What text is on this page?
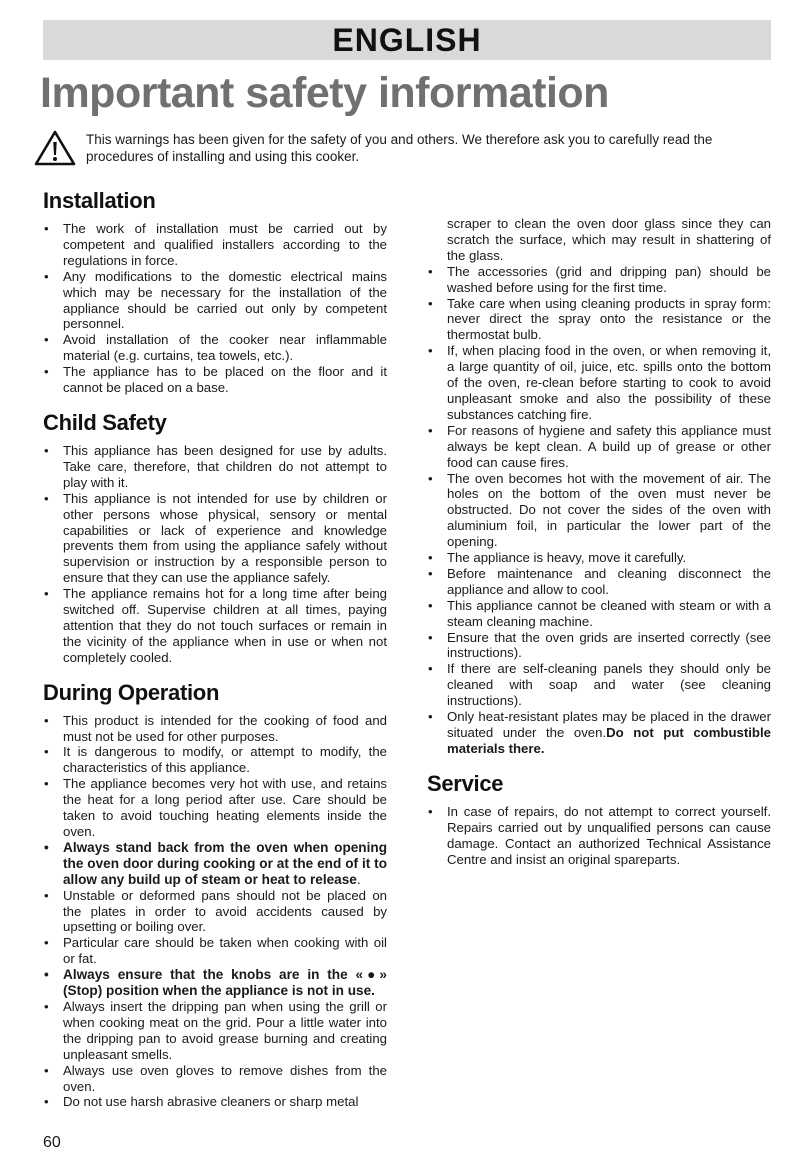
ENGLISH
Important safety information

This warnings has been given for the safety of you and others. We therefore ask you to carefully read the procedures of installing and using this cooker.

Installation
• The work of installation must be carried out by competent and qualified installers according to the regulations in force.
• Any modifications to the domestic electrical mains which may be necessary for the installation of the appliance should be carried out only by competent personnel.
• Avoid installation of the cooker near inflammable material (e.g. curtains, tea towels, etc.).
• The appliance has to be placed on the floor and it cannot be placed on a base.
Child Safety
• This appliance has been designed for use by adults. Take care, therefore, that children do not attempt to play with it.
• This appliance is not intended for use by children or other persons whose physical, sensory or mental capabilities or lack of experience and knowledge prevents them from using the appliance safely without supervision or instruction by a responsible person to ensure that they can use the appliance safely.
• The appliance remains hot for a long time after being switched off. Supervise children at all times, paying attention that they do not touch surfaces or remain in the vicinity of the appliance when in use or when not completely cooled.
During Operation
• This product is intended for the cooking of food and must not be used for other purposes.
• It is dangerous to modify, or attempt to modify, the characteristics of this appliance.
• The appliance becomes very hot with use, and retains the heat for a long period after use. Care should be taken to avoid touching heating elements inside the oven.
• Always stand back from the oven when opening the oven door during cooking or at the end of it to allow any build up of steam or heat to release.
• Unstable or deformed pans should not be placed on the plates in order to avoid accidents caused by upsetting or boiling over.
• Particular care should be taken when cooking with oil or fat.
• Always ensure that the knobs are in the «●» (Stop) position when the appliance is not in use.
• Always insert the dripping pan when using the grill or when cooking meat on the grid. Pour a little water into the dripping pan to avoid grease burning and creating unpleasant smells.
• Always use oven gloves to remove dishes from the oven.
• Do not use harsh abrasive cleaners or sharp metal
scraper to clean the oven door glass since they can scratch the surface, which may result in shattering of the glass.
• The accessories (grid and dripping pan) should be washed before using for the first time.
• Take care when using cleaning products in spray form: never direct the spray onto the resistance or the thermostat bulb.
• If, when placing food in the oven, or when removing it, a large quantity of oil, juice, etc. spills onto the bottom of the oven, re-clean before starting to cook to avoid unpleasant smoke and also the possibility of these substances catching fire.
• For reasons of hygiene and safety this appliance must always be kept clean. A build up of grease or other food can cause fires.
• The oven becomes hot with the movement of air. The holes on the bottom of the oven must never be obstructed. Do not cover the sides of the oven with aluminium foil, in particular the lower part of the opening.
• The appliance is heavy, move it carefully.
• Before maintenance and cleaning disconnect the appliance and allow to cool.
• This appliance cannot be cleaned with steam or with a steam cleaning machine.
• Ensure that the oven grids are inserted correctly (see instructions).
• If there are self-cleaning panels they should only be cleaned with soap and water (see cleaning instructions).
• Only heat-resistant plates may be placed in the drawer situated under the oven.Do not put combustible materials there.
Service
• In case of repairs, do not attempt to correct yourself. Repairs carried out by unqualified persons can cause damage. Contact an authorized Technical Assistance Centre and insist an original spareparts.
60
